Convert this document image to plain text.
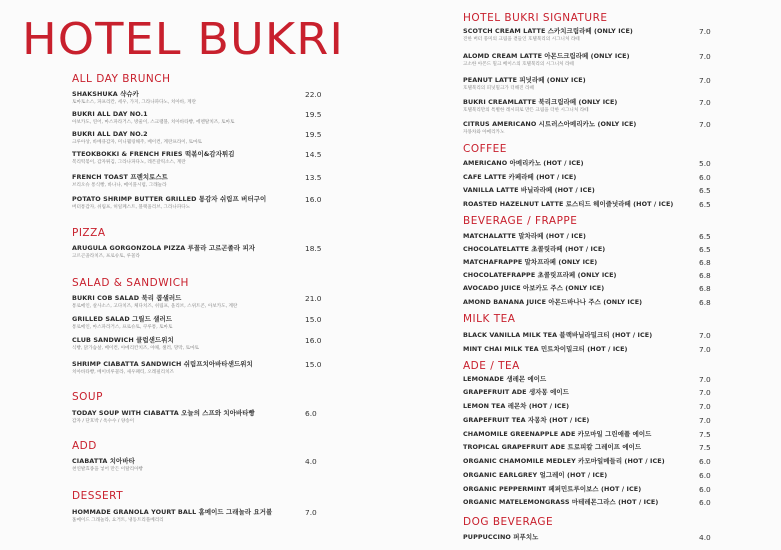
HOTEL BUKRI
ALL DAY BRUNCH
SHAKSHUKA 샥슈카
토마토소스, 파프리칸, 세우, 가지, 그라나파다노, 치아바, 계란
22.0
BUKRI ALL DAY NO.1
아보카도, 연어, 마스파라거스, 방울이, 스크램블, 치아바타빵, 에멘탈치즈, 토마토
19.5
BUKRI ALL DAY NO.2
크루아상, 바베큐감자, 미니웰링해주, 베이컨, 계란프라이, 토마토
19.5
TTEOKBOKKI & FRENCH FRIES 떡볶이&감자튀김
복리떡볶이, 감자튀김, 그라나파다노, 레몬갈릭소스, 계란
14.5
FRENCH TOAST 프렌치토스트
브리오슈 통식빵, 바나나, 메이플시럽, 그래놀라
13.5
POTATO SHRIMP BUTTER GRILLED 통감자 쉬림프 버터구이
버터통감자, 쉬림프, 허일페스트, 블랙올리브, 그라나파다노
16.0
PIZZA
ARUGULA GORGONZOLA PIZZA 루꼴라 고르곤졸라 피자
고르곤졸라치즈, 프로슈토, 루꼴라
18.5
SALAD & SANDWICH
BUKRI COB SALAD 북리 콥샐러드
통로메인, 살사소스, 고다치즈, 체다치즈, 쉬림프, 올리브, 스위트콘, 아보카도, 계란
21.0
GRILLED SALAD 그릴드 샐러드
통로메인, 마스파라거스, 프로슈토, 쿠루통, 토마토
15.0
CLUB SANDWICH 클럽샌드위치
식빵, 닭가슴살, 베이컨, 아메리칸치즈, 야채, 샐러, 망막, 토마토
16.0
SHRIMP CIABATTA SANDWICH 쉬림프치아바타샌드위치
치아바타빵, 베이비루꼴라, 새우패티, 오레필리치즈
15.0
SOUP
TODAY SOUP WITH CIABATTA 오늘의 스프와 치아바타빵
감자 / 단호박 / 옥수수 / 양송이
6.0
ADD
CIABATTA 치아바타
천연발효종을 넣어 만든 이탈리아빵
4.0
DESSERT
HOMMADE GRANOLA YOURT BALL 홈메이드 그래놀라 요거볼
홈메이드 그래놀라, 요거트, 냉동트리플베리리
7.0
HOTEL BUKRI SIGNATURE
SCOTCH CREAM LATTE 스카치크림라떼 (ONLY ICE)
진한 버터 풍미의 크림을 곁들인 호텔북리의 시그니처 라떼
7.0
ALOMD CREAM LATTE 아몬드크림라떼 (ONLY ICE)
고소한 아몬드 밀크 베이스의 호텔북리의 시그니처 라떼
7.0
PEANUT LATTE 피넛라떼 (ONLY ICE)
호텔북리의 피넛밀크가 더해진 라떼
7.0
BUKRI CREAMLATTE 북리크림라떼 (ONLY ICE)
호텔북리만의 특별한 레시피로 만든 크림을 더한 시그니처 라떼
7.0
CITRUS AMERICANO 시트러스아메리카노 (ONLY ICE)
자몽차와 아메리카노
7.0
COFFEE
AMERICANO 아메리카노 (HOT / ICE)	5.0
CAFE LATTE 카페라떼 (HOT / ICE)	6.0
VANILLA LATTE 바닐라라떼 (HOT / ICE)	6.5
ROASTED HAZELNUT LATTE 로스티드 헤이즐넛라떼 (HOT / ICE)	6.5
BEVERAGE / FRAPPE
MATCHALATTE 말차라떼 (HOT / ICE)	6.5
CHOCOLATELATTE 초콜릿라떼 (HOT / ICE)	6.5
MATCHAFRAPPE 말차프라페 (ONLY ICE)	6.8
CHOCOLATEFRAPPE 초콜릿프라페 (ONLY ICE)	6.8
AVOCADO JUICE 아보카도 주스 (ONLY ICE)	6.8
AMOND BANANA JUICE 아몬드바나나 주스 (ONLY ICE)	6.8
MILK TEA
BLACK VANILLA MILK TEA 블랙바닐라밀크티 (HOT / ICE)	7.0
MINT CHAI MILK TEA 민트차이밀크티 (HOT / ICE)	7.0
ADE / TEA
LEMONADE 생레몬 에이드	7.0
GRAPEFRUIT ADE 생자몽 에이드	7.0
LEMON TEA 레몬차 (HOT / ICE)	7.0
GRAPEFRUIT TEA 자몽차 (HOT / ICE)	7.0
CHAMOMILE GREENAPPLE ADE 카모마일 그린애플 에이드	7.5
TROPICAL GRAPEFRUIT ADE 트로피칼 그레이프 에이드	7.5
ORGANIC CHAMOMILE MEDLEY 카모마일메들리 (HOT / ICE)	6.0
ORGANIC EARLGREY 얼그레이 (HOT / ICE)	6.0
ORGANIC PEPPERMINT 페퍼민트루이보스 (HOT / ICE)	6.0
ORGANIC MATELEMONGRASS 마테레몬그라스 (HOT / ICE)	6.0
DOG BEVERAGE
PUPPUCCINO 퍼푸치노	4.0
